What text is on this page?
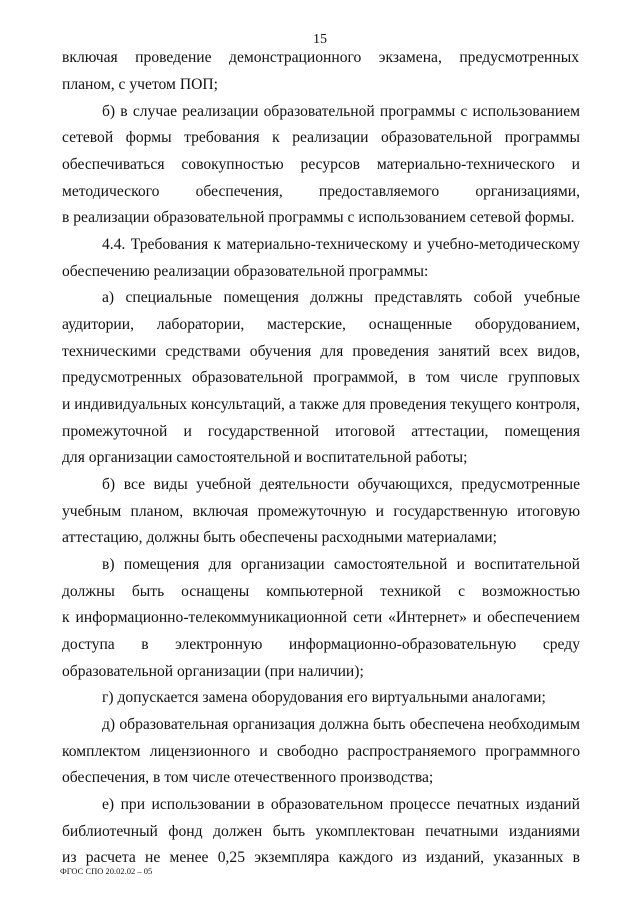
15
включая проведение демонстрационного экзамена, предусмотренных
планом, с учетом ПОП;
б) в случае реализации образовательной программы с использованием
сетевой формы требования к реализации образовательной программы
обеспечиваться совокупностью ресурсов материально-технического и
методического обеспечения, предоставляемого организациями,
в реализации образовательной программы с использованием сетевой формы.
4.4. Требования к материально-техническому и учебно-методическому
обеспечению реализации образовательной программы:
а) специальные помещения должны представлять собой учебные
аудитории, лаборатории, мастерские, оснащенные оборудованием,
техническими средствами обучения для проведения занятий всех видов,
предусмотренных образовательной программой, в том числе групповых
и индивидуальных консультаций, а также для проведения текущего контроля,
промежуточной и государственной итоговой аттестации, помещения
для организации самостоятельной и воспитательной работы;
б) все виды учебной деятельности обучающихся, предусмотренные
учебным планом, включая промежуточную и государственную итоговую
аттестацию, должны быть обеспечены расходными материалами;
в) помещения для организации самостоятельной и воспитательной
должны быть оснащены компьютерной техникой с возможностью
к информационно-телекоммуникационной сети «Интернет» и обеспечением
доступа в электронную информационно-образовательную среду
образовательной организации (при наличии);
г) допускается замена оборудования его виртуальными аналогами;
д) образовательная организация должна быть обеспечена необходимым
комплектом лицензионного и свободно распространяемого программного
обеспечения, в том числе отечественного производства;
е) при использовании в образовательном процессе печатных изданий
библиотечный фонд должен быть укомплектован печатными изданиями
из расчета не менее 0,25 экземпляра каждого из изданий, указанных в
ФГОС СПО 20.02.02 – 05
